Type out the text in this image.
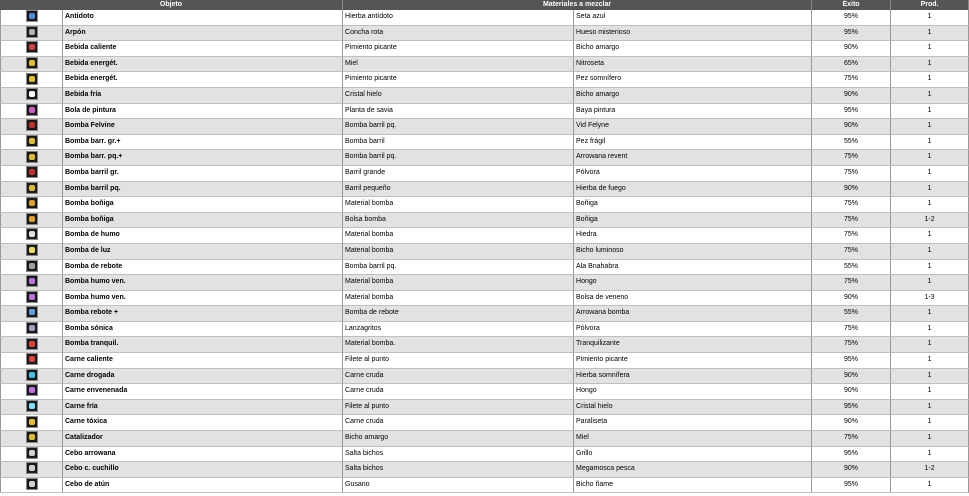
Objeto		Materiales a mezclar		Éxito	Prod.

	Antídoto	Hierba antídoto	Seta azul	95%	1

	Arpón	Concha rota	Hueso misterioso	95%	1

	Bebida caliente	Pimiento picante	Bicho amargo	90%	1

	Bebida energét.	Miel	Nitroseta	65%	1

	Bebida energét.	Pimiento picante	Pez somnífero	75%	1

	Bebida fría	Cristal hielo	Bicho amargo	90%	1

	Bola de pintura	Planta de savia	Baya pintura	95%	1

	Bomba Felvine	Bomba barril pq.	Vid Felyne	90%	1

	Bomba barr. gr.+	Bomba barril	Pez frágil	55%	1

	Bomba barr. pq.+	Bomba barril pq.	Arrowana revent	75%	1

	Bomba barril gr.	Barril grande	Pólvora	75%	1

	Bomba barril pq.	Barril pequeño	Hierba de fuego	90%	1

	Bomba boñiga	Material bomba	Boñiga	75%	1

	Bomba boñiga	Bolsa bomba	Boñiga	75%	1-2

	Bomba de humo	Material bomba	Hiedra	75%	1

	Bomba de luz	Material bomba	Bicho luminoso	75%	1

	Bomba de rebote	Bomba barril pq.	Ala Bnahabra	55%	1

	Bomba humo ven.	Material bomba	Hongo	75%	1

	Bomba humo ven.	Material bomba	Bolsa de veneno	90%	1-3

	Bomba rebote +	Bomba de rebote	Arrowana bomba	55%	1

	Bomba sónica	Lanzagritos	Pólvora	75%	1

	Bomba tranquil.	Material bomba.	Tranquilizante	75%	1

	Carne caliente	Filete al punto	Pimiento picante	95%	1

	Carne drogada	Carne cruda	Hierba somnífera	90%	1

	Carne envenenada	Carne cruda	Hongo	90%	1

	Carne fría	Filete al punto	Cristal hielo	95%	1

	Carne tóxica	Carne cruda	Paraliseta	90%	1

	Catalizador	Bicho amargo	Miel	75%	1

	Cebo arrowana	Salta bichos	Grillo	95%	1

	Cebo c. cuchillo	Salta bichos	Megamosca pesca	90%	1-2

	Cebo de atún	Gusano	Bicho ñame	95%	1
